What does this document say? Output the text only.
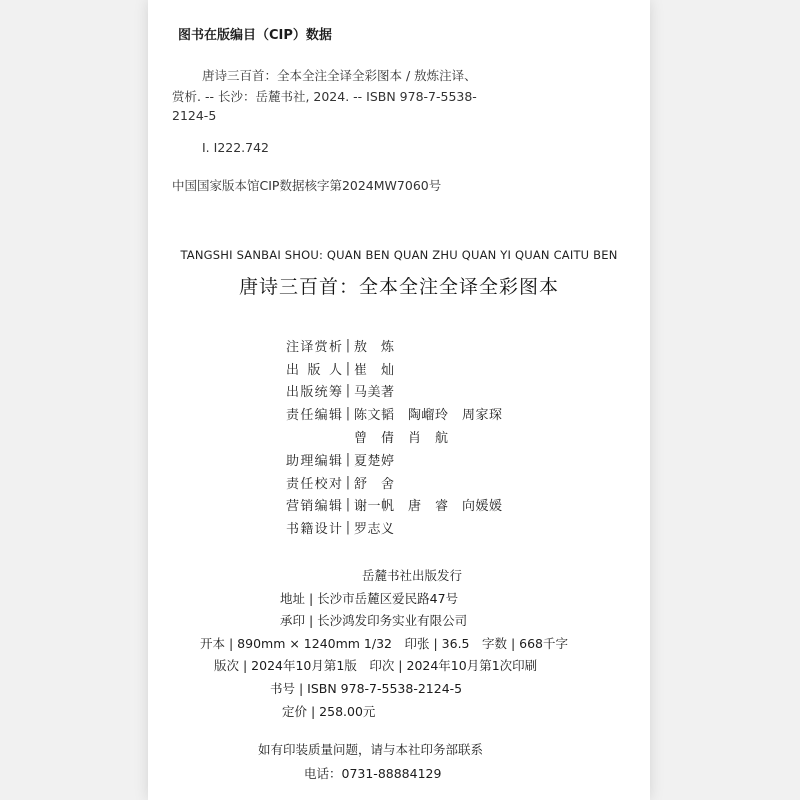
图书在版编目（CIP）数据
唐诗三百首：全本全注全译全彩图本 / 敖炼注译、
赏析. -- 长沙：岳麓书社, 2024. -- ISBN 978-7-5538-
2124-5
Ⅰ. I222.742
中国国家版本馆CIP数据核字第2024MW7060号
TANGSHI SANBAI SHOU: QUAN BEN QUAN ZHU QUAN YI QUAN CAITU BEN
唐诗三百首：全本全注全译全彩图本
注译赏析 | 敖　炼
出版人 | 崔　灿
出版统筹 | 马美著
责任编辑 | 陈文韬　陶嵧玲　周家琛
曾　倩　肖　航
助理编辑 | 夏楚婷
责任校对 | 舒　舍
营销编辑 | 谢一帆　唐　睿　向媛媛
书籍设计 | 罗志义
岳麓书社出版发行
地址 | 长沙市岳麓区爱民路47号
承印 | 长沙鸿发印务实业有限公司
开本 | 890mm × 1240mm 1/32　印张 | 36.5　字数 | 668千字
版次 | 2024年10月第1版　印次 | 2024年10月第1次印刷
书号 | ISBN 978-7-5538-2124-5
定价 | 258.00元
如有印装质量问题，请与本社印务部联系
电话：0731-88884129
